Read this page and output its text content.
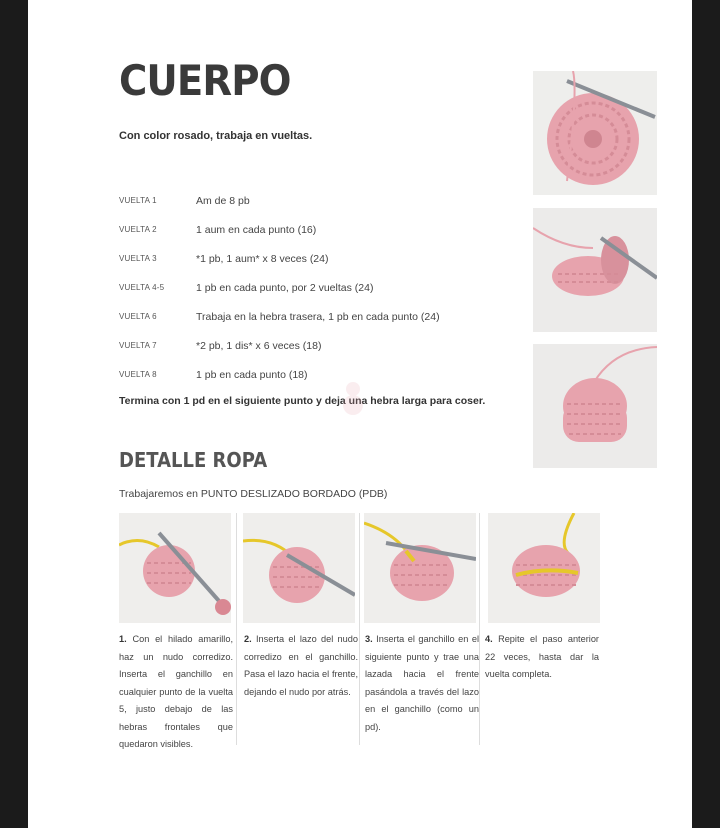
CUERPO
Con color rosado, trabaja en vueltas.
VUELTA 1	Am de 8 pb
VUELTA 2	1 aum en cada punto (16)
VUELTA 3	*1 pb, 1 aum* x 8 veces (24)
VUELTA 4-5	1 pb en cada punto, por 2 vueltas (24)
VUELTA 6	Trabaja en la hebra trasera, 1 pb en cada punto (24)
VUELTA 7	*2 pb, 1 dis* x 6 veces (18)
VUELTA 8	1 pb en cada punto (18)
Termina con 1 pd en el siguiente punto y deja una hebra larga para coser.
DETALLE ROPA
Trabajaremos en PUNTO DESLIZADO BORDADO (PDB)
1. Con el hilado amarillo, haz un nudo corredizo. Inserta el ganchillo en cualquier punto de la vuelta 5, justo debajo de las hebras frontales que quedaron visibles.
2. Inserta el lazo del nudo corredizo en el ganchillo. Pasa el lazo hacia el frente, dejando el nudo por atrás.
3. Inserta el ganchillo en el siguiente punto y trae una lazada hacia el frente pasándola a través del lazo en el ganchillo (como un pd).
4. Repite el paso anterior 22 veces, hasta dar la vuelta completa.
